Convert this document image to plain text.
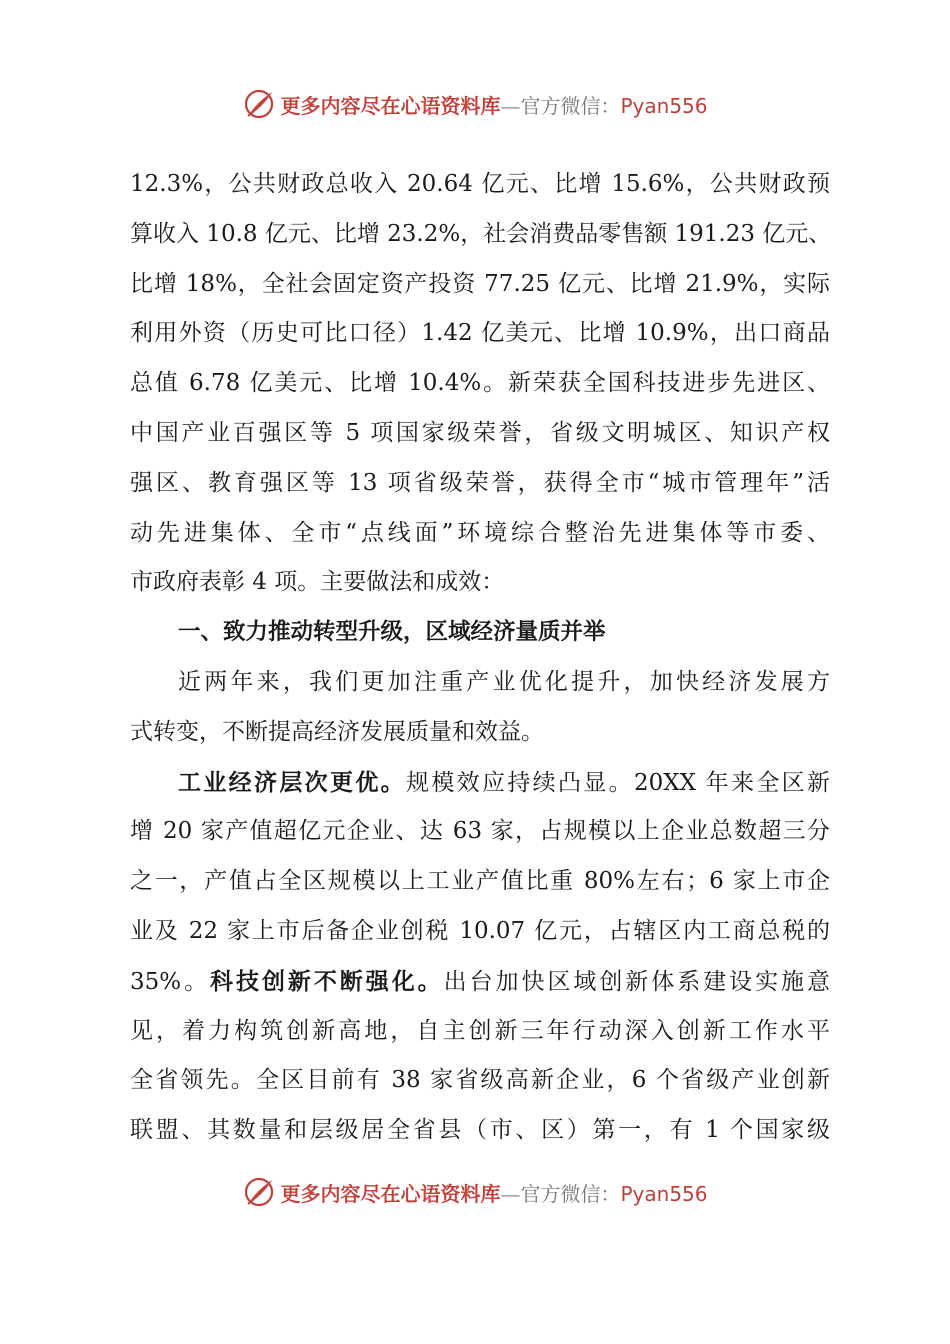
更多内容尽在心语资料库—官方微信：Pyan556
12.3%，公共财政总收入 20.64 亿元、比增 15.6%，公共财政预
算收入 10.8 亿元、比增 23.2%，社会消费品零售额 191.23 亿元、
比增 18%，全社会固定资产投资 77.25 亿元、比增 21.9%，实际
利用外资（历史可比口径）1.42 亿美元、比增 10.9%，出口商品
总值 6.78 亿美元、比增 10.4%。新荣获全国科技进步先进区、
中国产业百强区等 5 项国家级荣誉，省级文明城区、知识产权
强区、教育强区等 13 项省级荣誉，获得全市“城市管理年”活
动先进集体、全市“点线面”环境综合整治先进集体等市委、
市政府表彰 4 项。主要做法和成效：
一、致力推动转型升级，区域经济量质并举
近两年来，我们更加注重产业优化提升，加快经济发展方
式转变，不断提高经济发展质量和效益。
工业经济层次更优。规模效应持续凸显。20XX 年来全区新
增 20 家产值超亿元企业、达 63 家，占规模以上企业总数超三分
之一，产值占全区规模以上工业产值比重 80%左右；6 家上市企
业及 22 家上市后备企业创税 10.07 亿元，占辖区内工商总税的
35%。科技创新不断强化。出台加快区域创新体系建设实施意
见，着力构筑创新高地，自主创新三年行动深入创新工作水平
全省领先。全区目前有 38 家省级高新企业，6 个省级产业创新
联盟、其数量和层级居全省县（市、区）第一，有 1 个国家级
更多内容尽在心语资料库—官方微信：Pyan556
